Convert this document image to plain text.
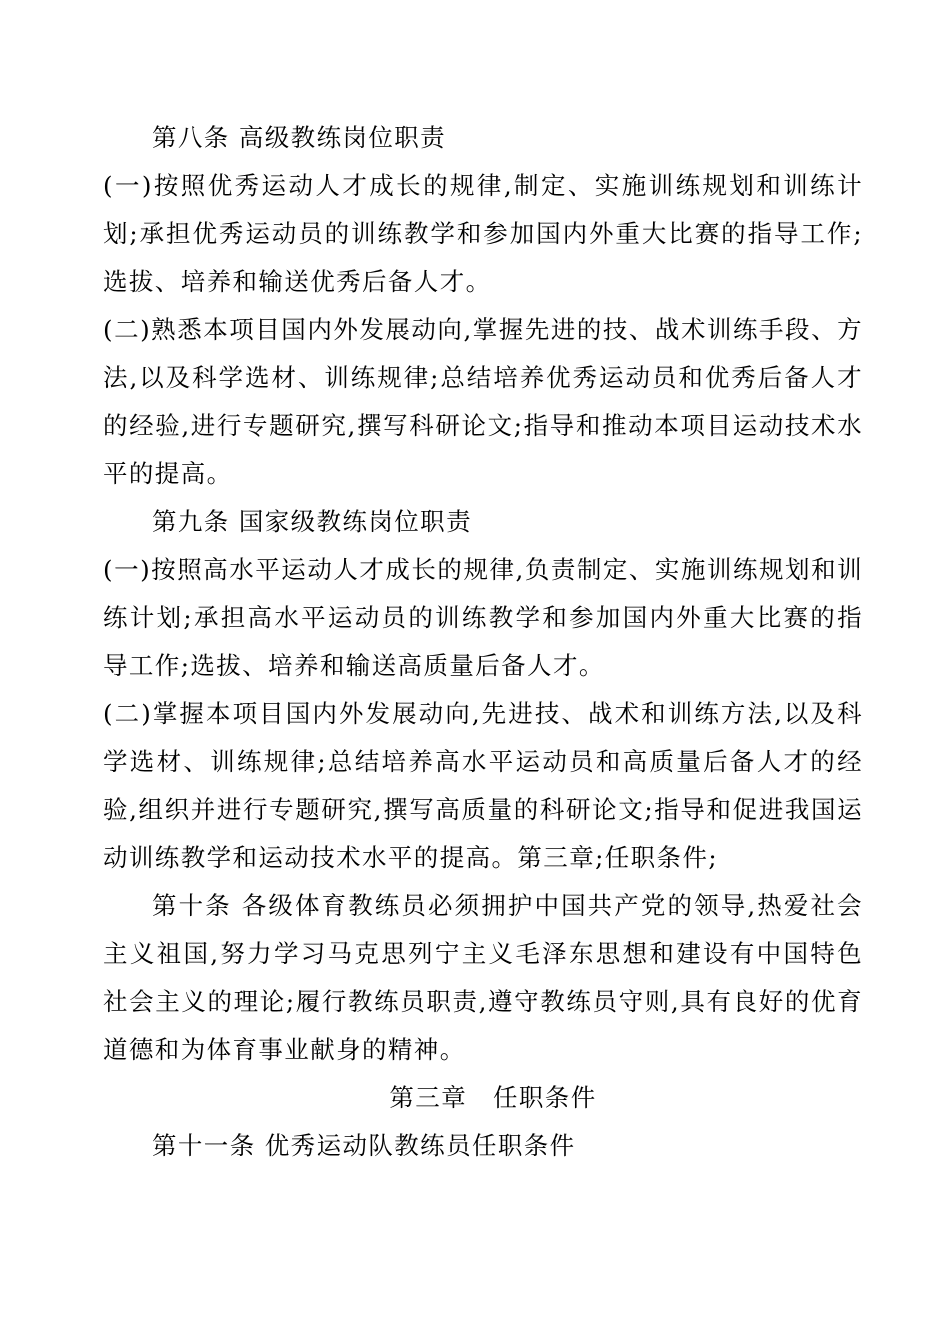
第八条 高级教练岗位职责

(一)按照优秀运动人才成长的规律,制定、实施训练规划和训练计划;承担优秀运动员的训练教学和参加国内外重大比赛的指导工作;选拔、培养和输送优秀后备人才。

(二)熟悉本项目国内外发展动向,掌握先进的技、战术训练手段、方法,以及科学选材、训练规律;总结培养优秀运动员和优秀后备人才的经验,进行专题研究,撰写科研论文;指导和推动本项目运动技术水平的提高。

第九条 国家级教练岗位职责

(一)按照高水平运动人才成长的规律,负责制定、实施训练规划和训练计划;承担高水平运动员的训练教学和参加国内外重大比赛的指导工作;选拔、培养和输送高质量后备人才。

(二)掌握本项目国内外发展动向,先进技、战术和训练方法,以及科学选材、训练规律;总结培养高水平运动员和高质量后备人才的经验,组织并进行专题研究,撰写高质量的科研论文;指导和促进我国运动训练教学和运动技术水平的提高。第三章;任职条件;

第十条 各级体育教练员必须拥护中国共产党的领导,热爱社会主义祖国,努力学习马克思列宁主义毛泽东思想和建设有中国特色社会主义的理论;履行教练员职责,遵守教练员守则,具有良好的优育道德和为体育事业献身的精神。

第三章　任职条件

第十一条 优秀运动队教练员任职条件
